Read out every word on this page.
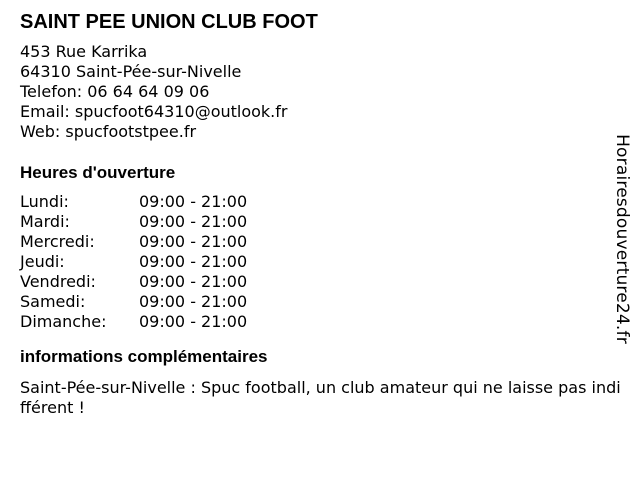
SAINT PEE UNION CLUB FOOT
453 Rue Karrika
64310 Saint-Pée-sur-Nivelle
Telefon: 06 64 64 09 06
Email: spucfoot64310@outlook.fr
Web: spucfootstpee.fr
Heures d'ouverture
Lundi:	09:00 - 21:00
Mardi:	09:00 - 21:00
Mercredi:	09:00 - 21:00
Jeudi:	09:00 - 21:00
Vendredi:	09:00 - 21:00
Samedi:	09:00 - 21:00
Dimanche:	09:00 - 21:00
informations complémentaires
Saint-Pée-sur-Nivelle : Spuc football, un club amateur qui ne laisse pas indifférent !
Horairesdouverture24.fr
